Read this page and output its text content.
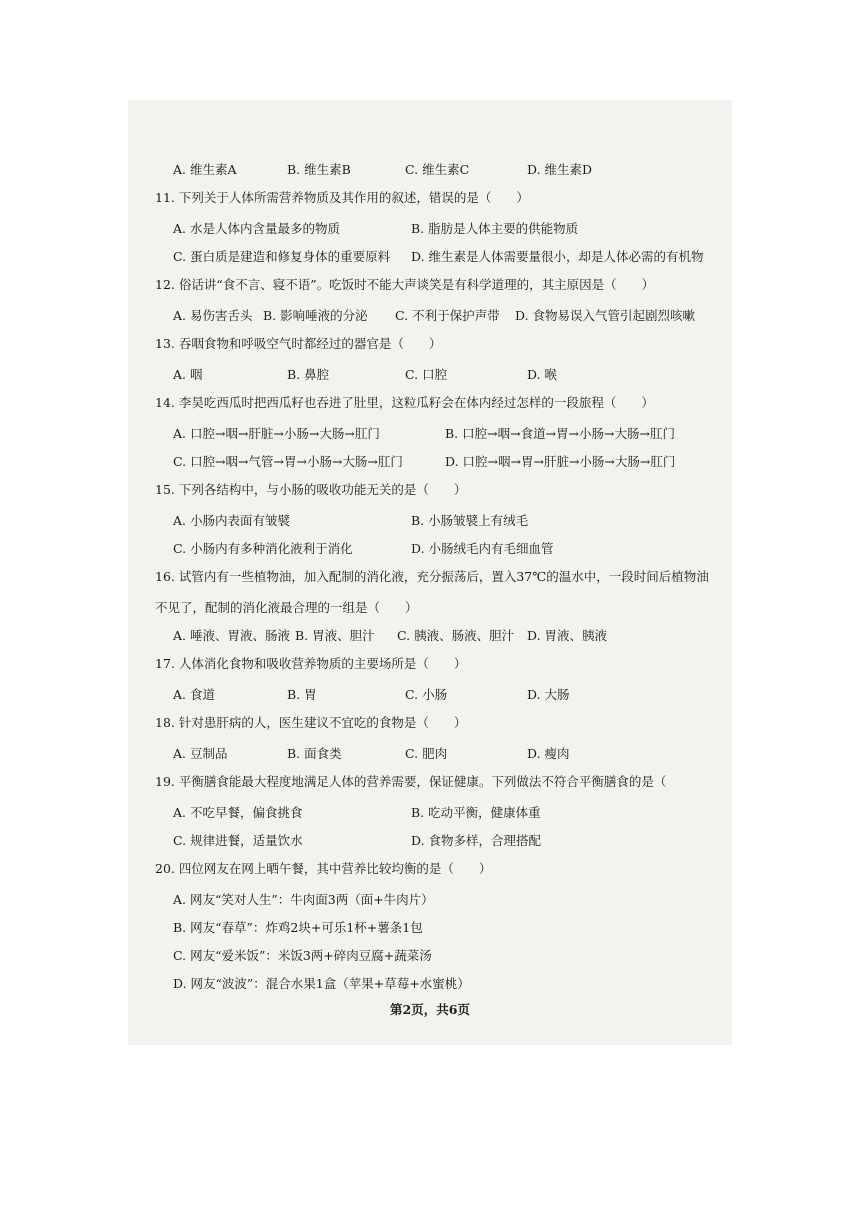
A. 维生素A	B. 维生素B	C. 维生素C	D. 维生素D
11. 下列关于人体所需营养物质及其作用的叙述，错误的是（　　）
A. 水是人体内含量最多的物质	B. 脂肪是人体主要的供能物质
C. 蛋白质是建造和修复身体的重要原料 D. 维生素是人体需要量很小，却是人体必需的有机物
12. 俗话讲“食不言、寝不语”。吃饭时不能大声谈笑是有科学道理的，其主原因是（　　）
A. 易伤害舌头 B. 影响唾液的分泌 C. 不利于保护声带 D. 食物易误入气管引起剧烈咳嗽
13. 吞咽食物和呼吸空气时都经过的器官是（　　）
A. 咽	B. 鼻腔	C. 口腔	D. 喉
14. 李昊吃西瓜时把西瓜籽也吞进了肚里，这粒瓜籽会在体内经过怎样的一段旅程（　　）
A. 口腔→咽→肝脏→小肠→大肠→肛门	B. 口腔→咽→食道→胃→小肠→大肠→肛门
C. 口腔→咽→气管→胃→小肠→大肠→肛门	D. 口腔→咽→胃→肝脏→小肠→大肠→肛门
15. 下列各结构中，与小肠的吸收功能无关的是（　　）
A. 小肠内表面有皱襞	B. 小肠皱襞上有绒毛
C. 小肠内有多种消化液利于消化	D. 小肠绒毛内有毛细血管
16. 试管内有一些植物油，加入配制的消化液，充分振荡后，置入37℃的温水中，一段时间后植物油
不见了，配制的消化液最合理的一组是（　　）
A. 唾液、胃液、肠液 B. 胃液、胆汁 C. 胰液、肠液、胆汁 D. 胃液、胰液
17. 人体消化食物和吸收营养物质的主要场所是（　　）
A. 食道	B. 胃	C. 小肠	D. 大肠
18. 针对患肝病的人，医生建议不宜吃的食物是（　　）
A. 豆制品	B. 面食类	C. 肥肉	D. 瘦肉
19. 平衡膳食能最大程度地满足人体的营养需要，保证健康。下列做法不符合平衡膳食的是（
A. 不吃早餐，偏食挑食	B. 吃动平衡，健康体重
C. 规律进餐，适量饮水	D. 食物多样，合理搭配
20. 四位网友在网上晒午餐，其中营养比较均衡的是（　　）
A. 网友“笑对人生”：牛肉面3两（面+牛肉片）
B. 网友“春草”：炸鸡2块+可乐1杯+薯条1包
C. 网友“爱米饭”：米饭3两+碎肉豆腐+蔬菜汤
D. 网友“波波”：混合水果1盒（苹果+草莓+水蜜桃）
第2页，共6页
